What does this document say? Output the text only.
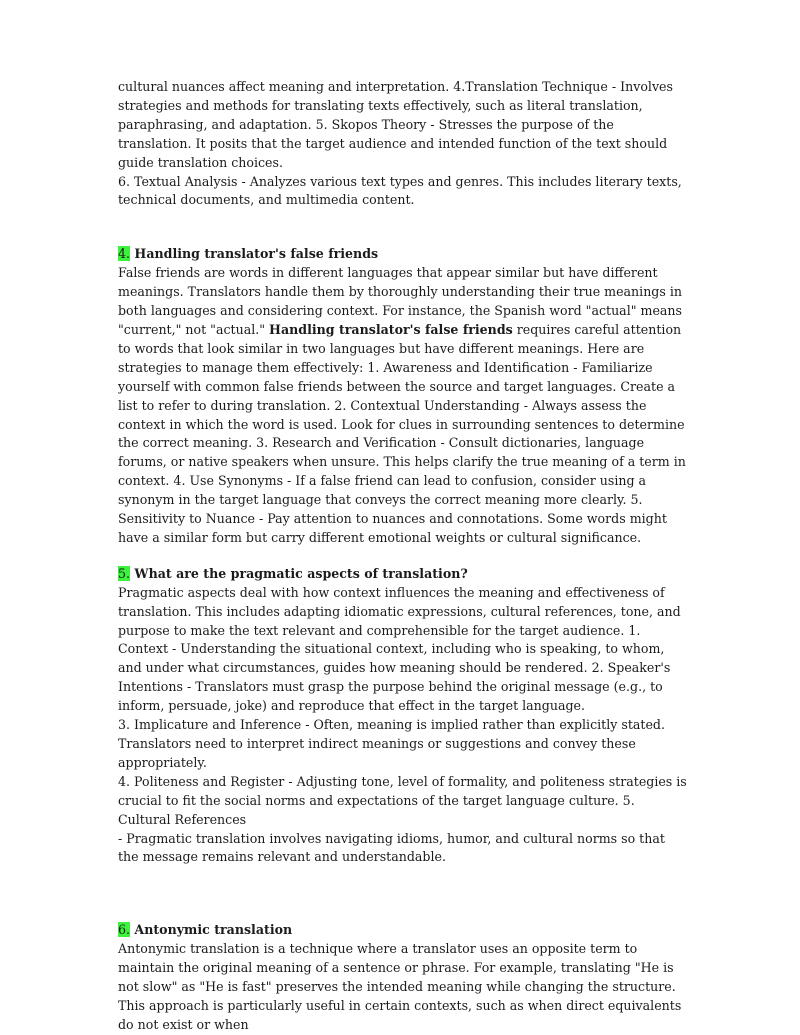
cultural nuances affect meaning and interpretation. 4.Translation Technique - Involves strategies and methods for translating texts effectively, such as literal translation, paraphrasing, and adaptation. 5. Skopos Theory - Stresses the purpose of the translation. It posits that the target audience and intended function of the text should guide translation choices.

6. Textual Analysis - Analyzes various text types and genres. This includes literary texts, technical documents, and multimedia content.

4. Handling translator's false friends

False friends are words in different languages that appear similar but have different meanings. Translators handle them by thoroughly understanding their true meanings in both languages and considering context. For instance, the Spanish word "actual" means "current," not "actual." Handling translator's false friends requires careful attention to words that look similar in two languages but have different meanings. Here are strategies to manage them effectively: 1. Awareness and Identification - Familiarize yourself with common false friends between the source and target languages. Create a list to refer to during translation. 2. Contextual Understanding - Always assess the context in which the word is used. Look for clues in surrounding sentences to determine the correct meaning. 3. Research and Verification - Consult dictionaries, language forums, or native speakers when unsure. This helps clarify the true meaning of a term in context. 4. Use Synonyms - If a false friend can lead to confusion, consider using a synonym in the target language that conveys the correct meaning more clearly. 5. Sensitivity to Nuance - Pay attention to nuances and connotations. Some words might have a similar form but carry different emotional weights or cultural significance.

5. What are the pragmatic aspects of translation?

Pragmatic aspects deal with how context influences the meaning and effectiveness of translation. This includes adapting idiomatic expressions, cultural references, tone, and purpose to make the text relevant and comprehensible for the target audience. 1. Context - Understanding the situational context, including who is speaking, to whom, and under what circumstances, guides how meaning should be rendered. 2. Speaker's Intentions - Translators must grasp the purpose behind the original message (e.g., to inform, persuade, joke) and reproduce that effect in the target language.

3. Implicature and Inference - Often, meaning is implied rather than explicitly stated. Translators need to interpret indirect meanings or suggestions and convey these appropriately.

4. Politeness and Register - Adjusting tone, level of formality, and politeness strategies is crucial to fit the social norms and expectations of the target language culture. 5. Cultural References

- Pragmatic translation involves navigating idioms, humor, and cultural norms so that the message remains relevant and understandable.

6. Antonymic translation

Antonymic translation is a technique where a translator uses an opposite term to maintain the original meaning of a sentence or phrase. For example, translating "He is not slow" as "He is fast" preserves the intended meaning while changing the structure. This approach is particularly useful in certain contexts, such as when direct equivalents do not exist or when
